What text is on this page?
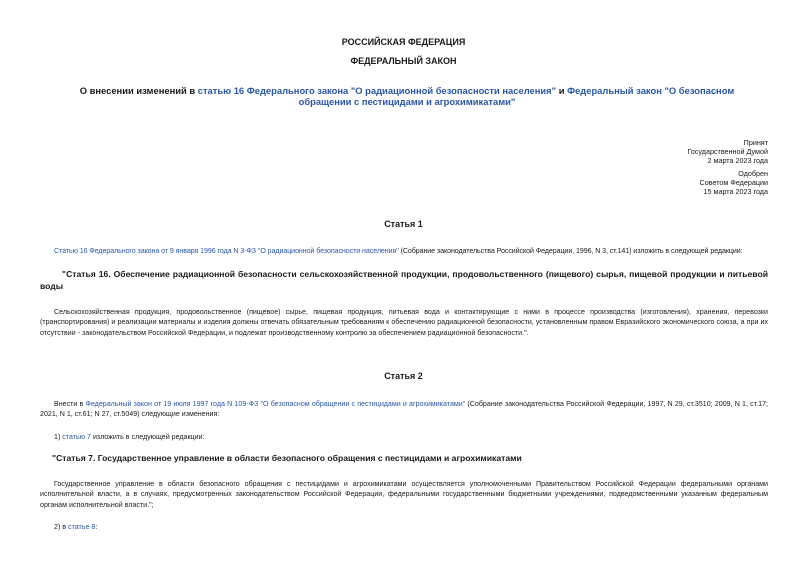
РОССИЙСКАЯ ФЕДЕРАЦИЯ
ФЕДЕРАЛЬНЫЙ ЗАКОН
О внесении изменений в статью 16 Федерального закона "О радиационной безопасности населения" и Федеральный закон "О безопасном обращении с пестицидами и агрохимикатами"
Принят
Государственной Думой
2 марта 2023 года
Одобрен
Советом Федерации
15 марта 2023 года
Статья 1
Статью 16 Федерального закона от 9 января 1996 года N 3-ФЗ "О радиационной безопасности населения" (Собрание законодательства Российской Федерации, 1996, N 3, ст.141) изложить в следующей редакции:
"Статья 16. Обеспечение радиационной безопасности сельскохозяйственной продукции, продовольственного (пищевого) сырья, пищевой продукции и питьевой воды
Сельскохозяйственная продукция, продовольственное (пищевое) сырье, пищевая продукция, питьевая вода и контактирующие с ними в процессе производства (изготовления), хранения, перевозки (транспортирования) и реализации материалы и изделия должны отвечать обязательным требованиям к обеспечению радиационной безопасности, установленным правом Евразийского экономического союза, а при их отсутствии - законодательством Российской Федерации, и подлежат производственному контролю за обеспечением радиационной безопасности.".
Статья 2
Внести в Федеральный закон от 19 июля 1997 года N 109-ФЗ "О безопасном обращении с пестицидами и агрохимикатами" (Собрание законодательства Российской Федерации, 1997, N 29, ст.3510; 2009, N 1, ст.17; 2021, N 1, ст.61; N 27, ст.5049) следующие изменения:
1) статью 7 изложить в следующей редакции:
"Статья 7. Государственное управление в области безопасного обращения с пестицидами и агрохимикатами
Государственное управление в области безопасного обращения с пестицидами и агрохимикатами осуществляется уполномоченными Правительством Российской Федерации федеральными органами исполнительной власти, а в случаях, предусмотренных законодательством Российской Федерации, федеральными государственными бюджетными учреждениями, подведомственными указанным федеральным органам исполнительной власти.";
2) в статье 8:
